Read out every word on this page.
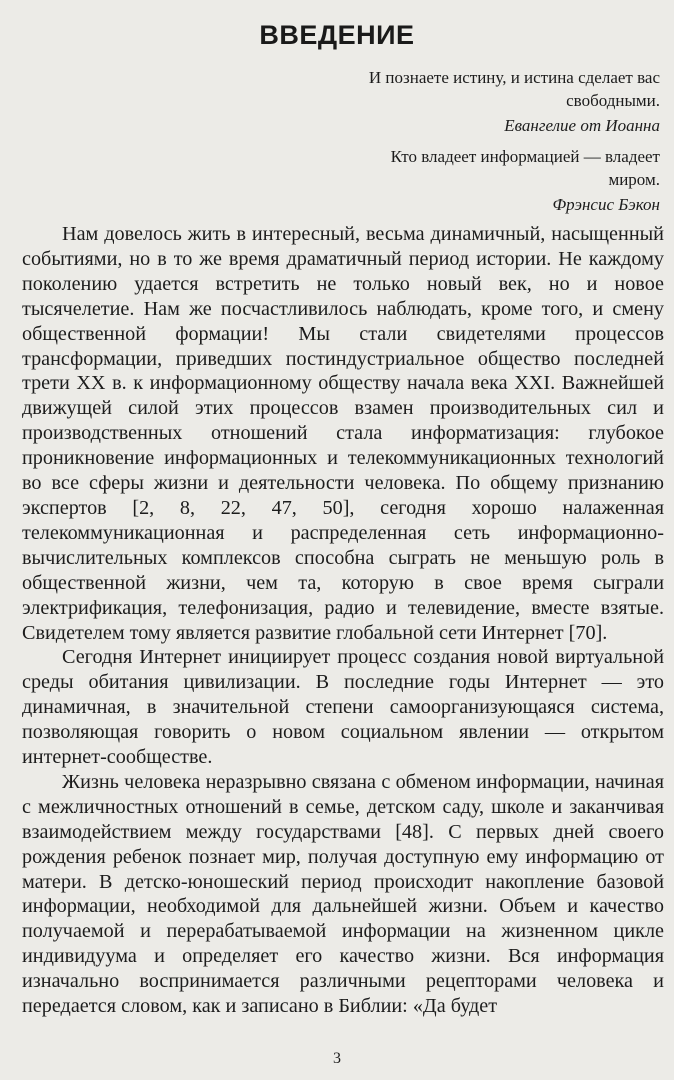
ВВЕДЕНИЕ

И познаете истину, и истина сделает вас свободными.

Евангелие от Иоанна

Кто владеет информацией — владеет миром.

Фрэнсис Бэкон

Нам довелось жить в интересный, весьма динамичный, насыщенный событиями, но в то же время драматичный период истории. Не каждому поколению удается встретить не только новый век, но и новое тысячелетие. Нам же посчастливилось наблюдать, кроме того, и смену общественной формации! Мы стали свидетелями процессов трансформации, приведших постиндустриальное общество последней трети XX в. к информационному обществу начала века XXI. Важнейшей движущей силой этих процессов взамен производительных сил и производственных отношений стала информатизация: глубокое проникновение информационных и телекоммуникационных технологий во все сферы жизни и деятельности человека. По общему признанию экспертов [2, 8, 22, 47, 50], сегодня хорошо налаженная телекоммуникационная и распределенная сеть информационно-вычислительных комплексов способна сыграть не меньшую роль в общественной жизни, чем та, которую в свое время сыграли электрификация, телефонизация, радио и телевидение, вместе взятые. Свидетелем тому является развитие глобальной сети Интернет [70].

Сегодня Интернет инициирует процесс создания новой виртуальной среды обитания цивилизации. В последние годы Интернет — это динамичная, в значительной степени самоорганизующаяся система, позволяющая говорить о новом социальном явлении — открытом интернет-сообществе.

Жизнь человека неразрывно связана с обменом информации, начиная с межличностных отношений в семье, детском саду, школе и заканчивая взаимодействием между государствами [48]. С первых дней своего рождения ребенок познает мир, получая доступную ему информацию от матери. В детско-юношеский период происходит накопление базовой информации, необходимой для дальнейшей жизни. Объем и качество получаемой и перерабатываемой информации на жизненном цикле индивидуума и определяет его качество жизни. Вся информация изначально воспринимается различными рецепторами человека и передается словом, как и записано в Библии: «Да будет

3
